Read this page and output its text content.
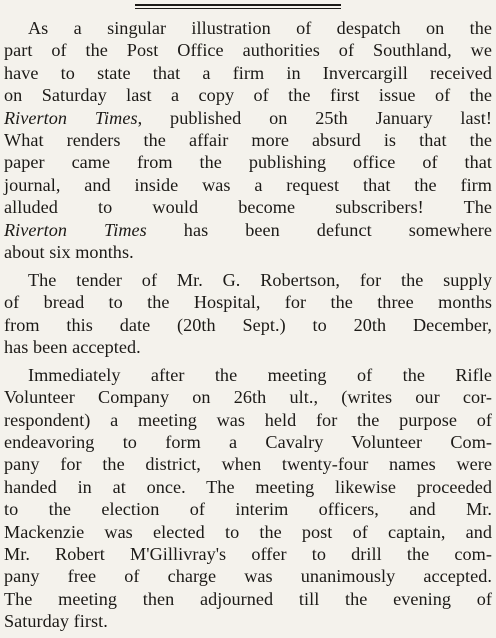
As a singular illustration of despatch on the
part of the Post Office authorities of Southland, we
have to state that a firm in Invercargill received
on Saturday last a copy of the first issue of the
Riverton Times, published on 25th January last!
What renders the affair more absurd is that the
paper came from the publishing office of that
journal, and inside was a request that the firm
alluded to would become subscribers! The
Riverton Times has been defunct somewhere
about six months.

The tender of Mr. G. Robertson, for the supply
of bread to the Hospital, for the three months
from this date (20th Sept.) to 20th December,
has been accepted.

Immediately after the meeting of the Rifle
Volunteer Company on 26th ult., (writes our cor-
respondent) a meeting was held for the purpose of
endeavoring to form a Cavalry Volunteer Com-
pany for the district, when twenty-four names were
handed in at once. The meeting likewise proceeded
to the election of interim officers, and Mr.
Mackenzie was elected to the post of captain, and
Mr. Robert M'Gillivray's offer to drill the com-
pany free of charge was unanimously accepted.
The meeting then adjourned till the evening of
Saturday first.
